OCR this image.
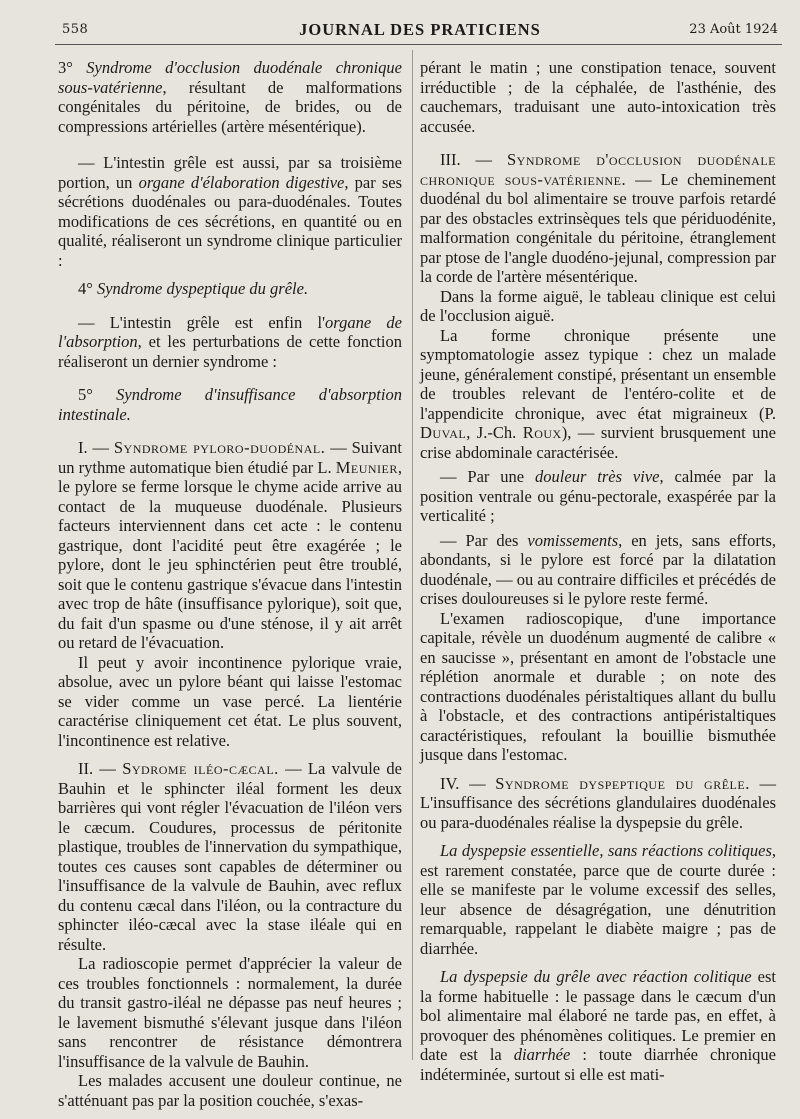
558	JOURNAL DES PRATICIENS	23 Août 1924

3° Syndrome d'occlusion duodénale chronique sous-vatérienne, résultant de malformations congénitales du péritoine, de brides, ou de compressions artérielles (artère mésentérique).

— L'intestin grêle est aussi, par sa troisième portion, un organe d'élaboration digestive, par ses sécrétions duodénales ou para-duodénales. Toutes modifications de ces sécrétions, en quantité ou en qualité, réaliseront un syndrome clinique particulier :

4° Syndrome dyspeptique du grêle.

— L'intestin grêle est enfin l'organe de l'absorption, et les perturbations de cette fonction réaliseront un dernier syndrome :

5° Syndrome d'insuffisance d'absorption intestinale.

I. — Syndrome pyloro-duodénal. — Suivant un rythme automatique bien étudié par L. Meunier, le pylore se ferme lorsque le chyme acide arrive au contact de la muqueuse duodénale. Plusieurs facteurs interviennent dans cet acte : le contenu gastrique, dont l'acidité peut être exagérée ; le pylore, dont le jeu sphinctérien peut être troublé, soit que le contenu gastrique s'évacue dans l'intestin avec trop de hâte (insuffisance pylorique), soit que, du fait d'un spasme ou d'une sténose, il y ait arrêt ou retard de l'évacuation.

Il peut y avoir incontinence pylorique vraie, absolue, avec un pylore béant qui laisse l'estomac se vider comme un vase percé. La lientérie caractérise cliniquement cet état. Le plus souvent, l'incontinence est relative.

II. — Sydrome iléo-cæcal. — La valvule de Bauhin et le sphincter iléal forment les deux barrières qui vont régler l'évacuation de l'iléon vers le cæcum. Coudures, processus de péritonite plastique, troubles de l'innervation du sympathique, toutes ces causes sont capables de déterminer ou l'insuffisance de la valvule de Bauhin, avec reflux du contenu cæcal dans l'iléon, ou la contracture du sphincter iléo-cæcal avec la stase iléale qui en résulte.

La radioscopie permet d'apprécier la valeur de ces troubles fonctionnels : normalement, la durée du transit gastro-iléal ne dépasse pas neuf heures ; le lavement bismuthé s'élevant jusque dans l'iléon sans rencontrer de résistance démontrera l'insuffisance de la valvule de Bauhin.

Les malades accusent une douleur continue, ne s'atténuant pas par la position couchée, s'exas-

pérant le matin ; une constipation tenace, souvent irréductible ; de la céphalée, de l'asthénie, des cauchemars, traduisant une auto-intoxication très accusée.

III. — Syndrome d'occlusion duodénale chronique sous-vatérienne. — Le cheminement duodénal du bol alimentaire se trouve parfois retardé par des obstacles extrinsèques tels que périduodénite, malformation congénitale du péritoine, étranglement par ptose de l'angle duodéno-jejunal, compression par la corde de l'artère mésentérique.

Dans la forme aiguë, le tableau clinique est celui de l'occlusion aiguë.

La forme chronique présente une symptomatologie assez typique : chez un malade jeune, généralement constipé, présentant un ensemble de troubles relevant de l'entéro-colite et de l'appendicite chronique, avec état migraineux (P. Duval, J.-Ch. Roux), — survient brusquement une crise abdominale caractérisée.

— Par une douleur très vive, calmée par la position ventrale ou génu-pectorale, exaspérée par la verticalité ;

— Par des vomissements, en jets, sans efforts, abondants, si le pylore est forcé par la dilatation duodénale, — ou au contraire difficiles et précédés de crises douloureuses si le pylore reste fermé.

L'examen radioscopique, d'une importance capitale, révèle un duodénum augmenté de calibre « en saucisse », présentant en amont de l'obstacle une réplétion anormale et durable ; on note des contractions duodénales péristaltiques allant du bullu à l'obstacle, et des contractions antipéristaltiques caractéristiques, refoulant la bouillie bismuthée jusque dans l'estomac.

IV. — Syndrome dyspeptique du grêle. — L'insuffisance des sécrétions glandulaires duodénales ou para-duodénales réalise la dyspepsie du grêle.

La dyspepsie essentielle, sans réactions colitiques, est rarement constatée, parce que de courte durée : elle se manifeste par le volume excessif des selles, leur absence de désagrégation, une dénutrition remarquable, rappelant le diabète maigre ; pas de diarrhée.

La dyspepsie du grêle avec réaction colitique est la forme habituelle : le passage dans le cæcum d'un bol alimentaire mal élaboré ne tarde pas, en effet, à provoquer des phénomènes colitiques. Le premier en date est la diarrhée : toute diarrhée chronique indéterminée, surtout si elle est mati-
